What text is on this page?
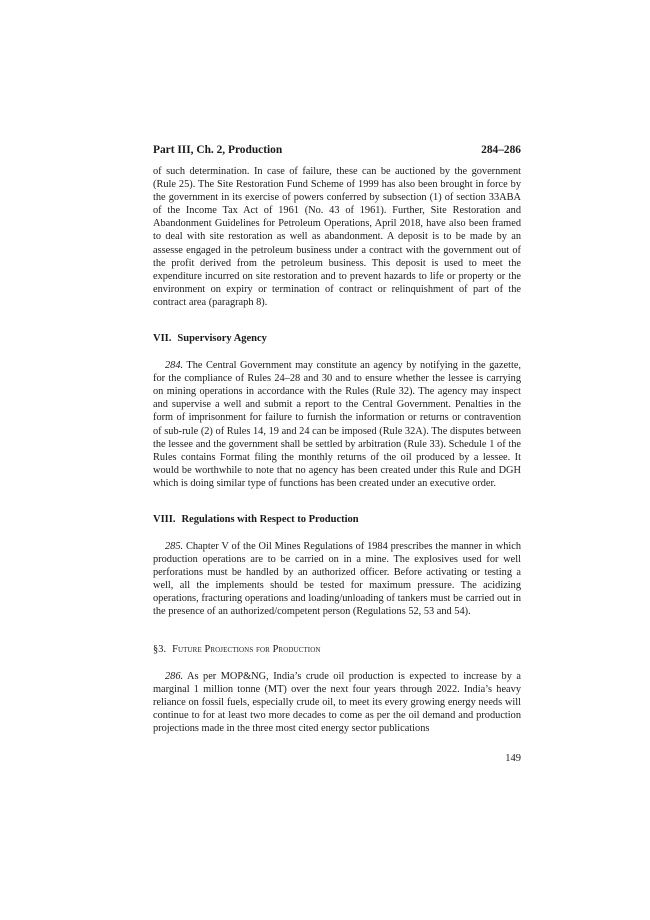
Part III, Ch. 2, Production	284–286

of such determination. In case of failure, these can be auctioned by the government (Rule 25). The Site Restoration Fund Scheme of 1999 has also been brought in force by the government in its exercise of powers conferred by subsection (1) of section 33ABA of the Income Tax Act of 1961 (No. 43 of 1961). Further, Site Restoration and Abandonment Guidelines for Petroleum Operations, April 2018, have also been framed to deal with site restoration as well as abandonment. A deposit is to be made by an assesse engaged in the petroleum business under a contract with the government out of the profit derived from the petroleum business. This deposit is used to meet the expenditure incurred on site restoration and to prevent hazards to life or property or the environment on expiry or termination of contract or relinquishment of part of the contract area (paragraph 8).

VII. Supervisory Agency

284. The Central Government may constitute an agency by notifying in the gazette, for the compliance of Rules 24–28 and 30 and to ensure whether the lessee is carrying on mining operations in accordance with the Rules (Rule 32). The agency may inspect and supervise a well and submit a report to the Central Government. Penalties in the form of imprisonment for failure to furnish the information or returns or contravention of sub-rule (2) of Rules 14, 19 and 24 can be imposed (Rule 32A). The disputes between the lessee and the government shall be settled by arbitration (Rule 33). Schedule 1 of the Rules contains Format filing the monthly returns of the oil produced by a lessee. It would be worthwhile to note that no agency has been created under this Rule and DGH which is doing similar type of functions has been created under an executive order.

VIII. Regulations with Respect to Production

285. Chapter V of the Oil Mines Regulations of 1984 prescribes the manner in which production operations are to be carried on in a mine. The explosives used for well perforations must be handled by an authorized officer. Before activating or testing a well, all the implements should be tested for maximum pressure. The acidizing operations, fracturing operations and loading/unloading of tankers must be carried out in the presence of an authorized/competent person (Regulations 52, 53 and 54).

§3. Future Projections for Production

286. As per MOP&NG, India’s crude oil production is expected to increase by a marginal 1 million tonne (MT) over the next four years through 2022. India’s heavy reliance on fossil fuels, especially crude oil, to meet its every growing energy needs will continue to for at least two more decades to come as per the oil demand and production projections made in the three most cited energy sector publications

149
